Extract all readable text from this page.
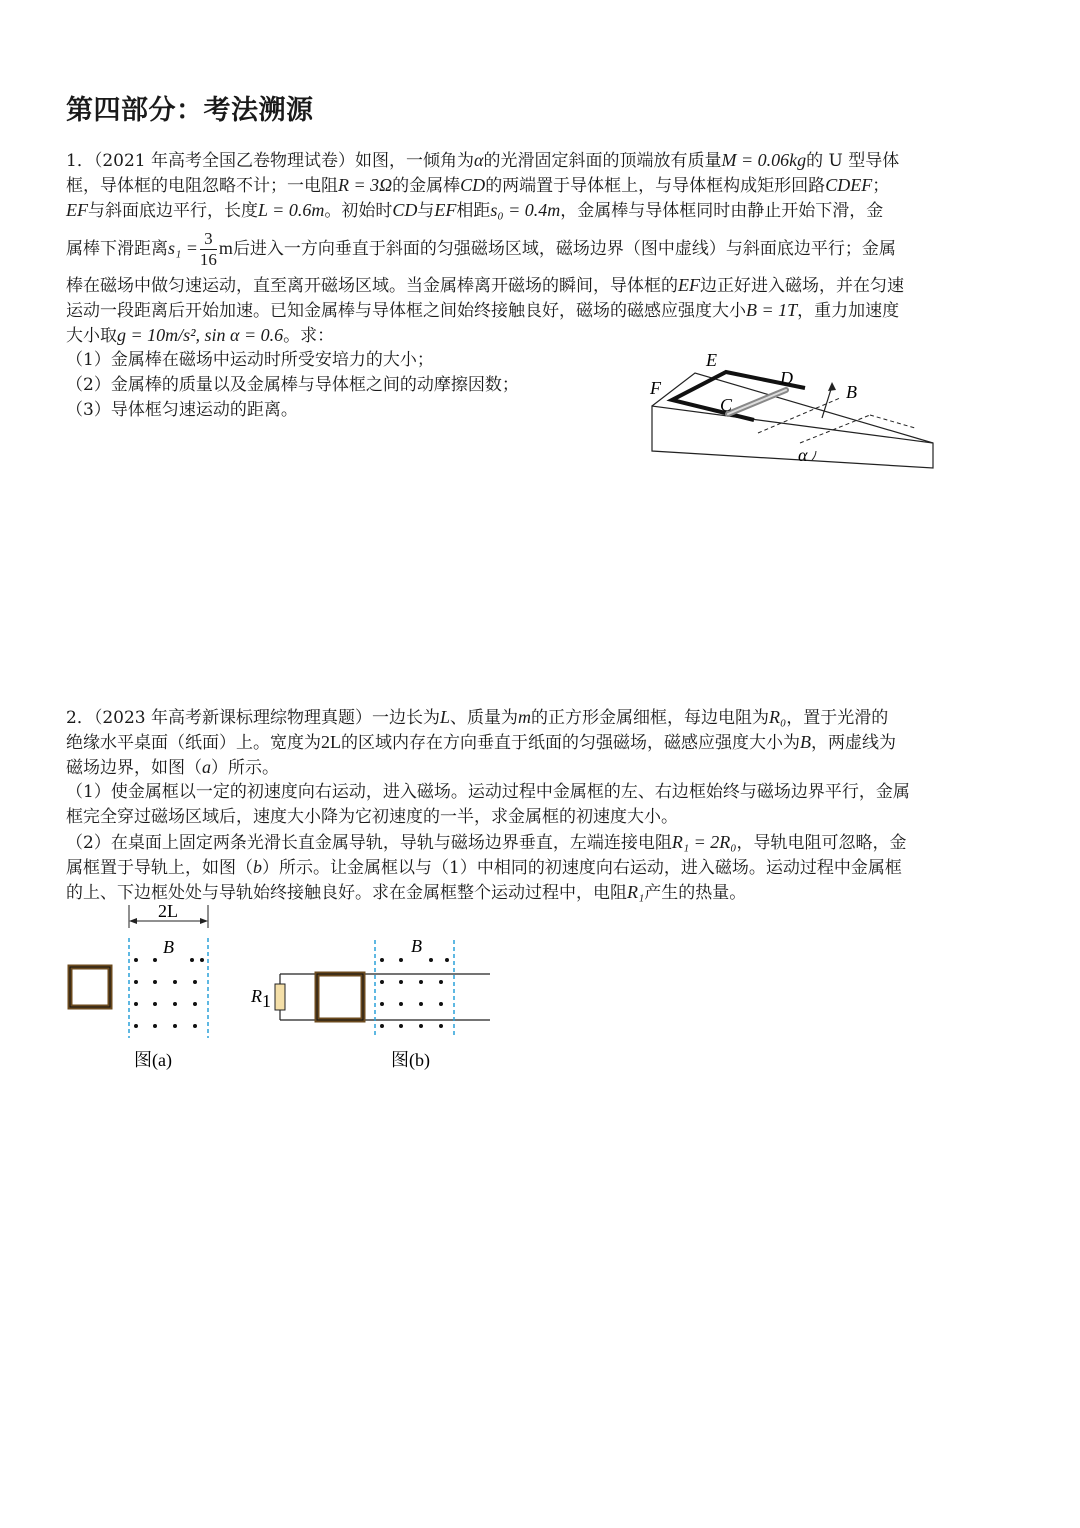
第四部分：考法溯源
1．（2021 年高考全国乙卷物理试卷）如图，一倾角为α的光滑固定斜面的顶端放有质量M = 0.06kg的 U 型导体
框，导体框的电阻忽略不计；一电阻R = 3Ω的金属棒CD的两端置于导体框上，与导体框构成矩形回路CDEF；
EF与斜面底边平行，长度L = 0.6m。初始时CD与EF相距s₀ = 0.4m，金属棒与导体框同时由静止开始下滑，金
属棒下滑距离$s_1 = \frac{3}{16}$ m后进入一方向垂直于斜面的匀强磁场区域，磁场边界（图中虚线）与斜面底边平行；金属
棒在磁场中做匀速运动，直至离开磁场区域。当金属棒离开磁场的瞬间，导体框的EF边正好进入磁场，并在匀速
运动一段距离后开始加速。已知金属棒与导体框之间始终接触良好，磁场的磁感应强度大小B = 1T，重力加速度
大小取g = 10m/s², sin α = 0.6。求：
（1）金属棒在磁场中运动时所受安培力的大小；
（2）金属棒的质量以及金属棒与导体框之间的动摩擦因数；
（3）导体框匀速运动的距离。
E
D
F
C
B
α
2．（2023 年高考新课标理综物理真题）一边长为L、质量为m的正方形金属细框，每边电阻为R₀，置于光滑的
绝缘水平桌面（纸面）上。宽度为2L的区域内存在方向垂直于纸面的匀强磁场，磁感应强度大小为B，两虚线为
磁场边界，如图（a）所示。
（1）使金属框以一定的初速度向右运动，进入磁场。运动过程中金属框的左、右边框始终与磁场边界平行，金属
框完全穿过磁场区域后，速度大小降为它初速度的一半，求金属框的初速度大小。
（2）在桌面上固定两条光滑长直金属导轨，导轨与磁场边界垂直，左端连接电阻R₁ = 2R₀，导轨电阻可忽略，金
属框置于导轨上，如图（b）所示。让金属框以与（1）中相同的初速度向右运动，进入磁场。运动过程中金属框
的上、下边框处处与导轨始终接触良好。求在金属框整个运动过程中，电阻R₁产生的热量。
2L
B
图(a)
R 1
B
图(b)
